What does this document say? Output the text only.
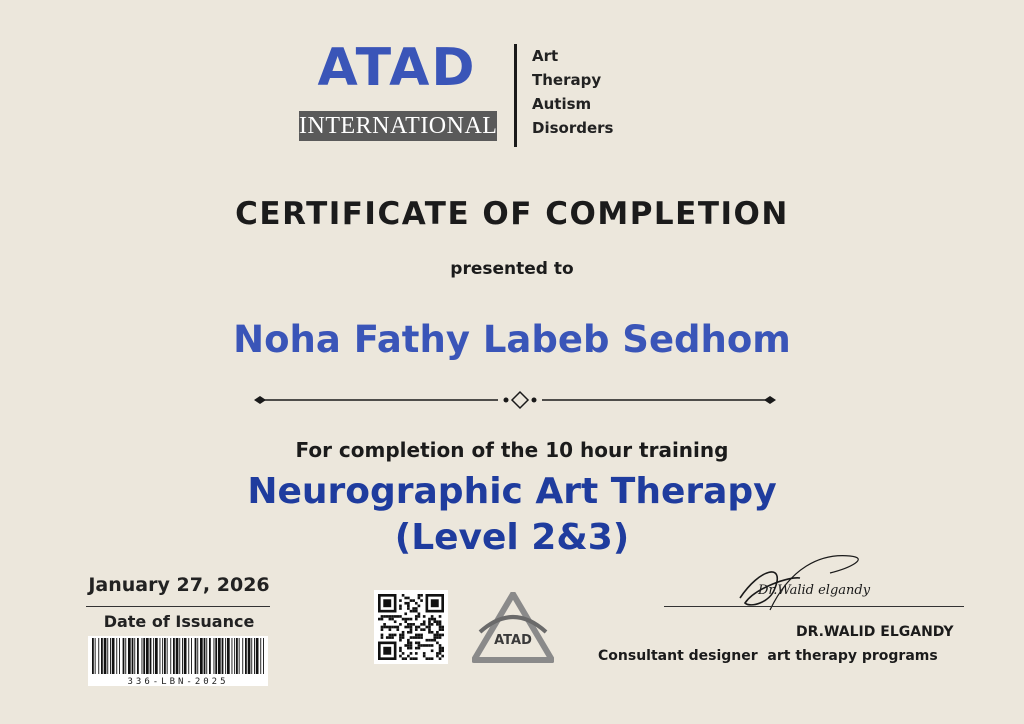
ATAD
INTERNATIONAL
Art
Therapy
Autism
Disorders
CERTIFICATE OF COMPLETION
presented to
Noha Fathy Labeb Sedhom
For completion of the 10 hour training
Neurographic Art Therapy
(Level 2&3)
January 27, 2026
Date of Issuance
336-LBN-2025
ATAD
Dr.Walid elgandy
DR.WALID ELGANDY
Consultant designer  art therapy programs
